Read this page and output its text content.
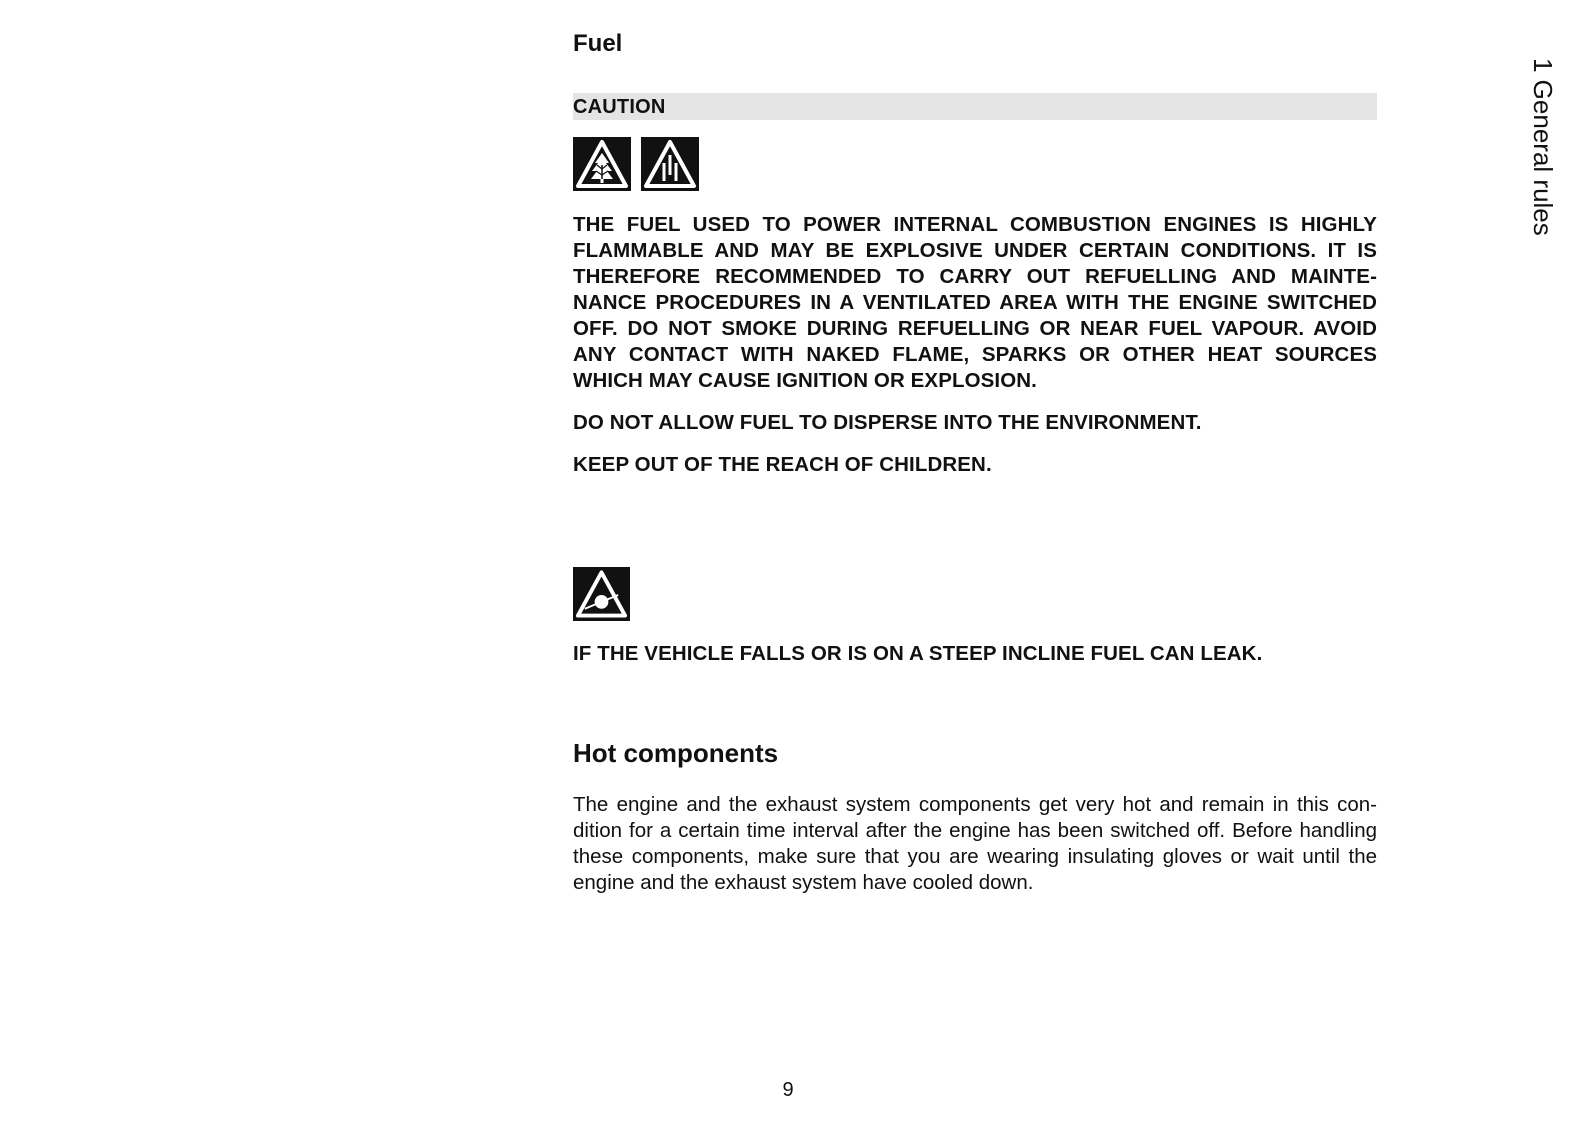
1 General rules
Fuel
CAUTION

THE FUEL USED TO POWER INTERNAL COMBUSTION ENGINES IS HIGHLY FLAMMABLE AND MAY BE EXPLOSIVE UNDER CERTAIN CONDITIONS. IT IS THEREFORE RECOMMENDED TO CARRY OUT REFUELLING AND MAINTE-NANCE PROCEDURES IN A VENTILATED AREA WITH THE ENGINE SWITCHED OFF. DO NOT SMOKE DURING REFUELLING OR NEAR FUEL VAPOUR. AVOID ANY CONTACT WITH NAKED FLAME, SPARKS OR OTHER HEAT SOURCES WHICH MAY CAUSE IGNITION OR EXPLOSION.

DO NOT ALLOW FUEL TO DISPERSE INTO THE ENVIRONMENT.

KEEP OUT OF THE REACH OF CHILDREN.

IF THE VEHICLE FALLS OR IS ON A STEEP INCLINE FUEL CAN LEAK.

Hot components

The engine and the exhaust system components get very hot and remain in this con-dition for a certain time interval after the engine has been switched off. Before handling these components, make sure that you are wearing insulating gloves or wait until the engine and the exhaust system have cooled down.

9
